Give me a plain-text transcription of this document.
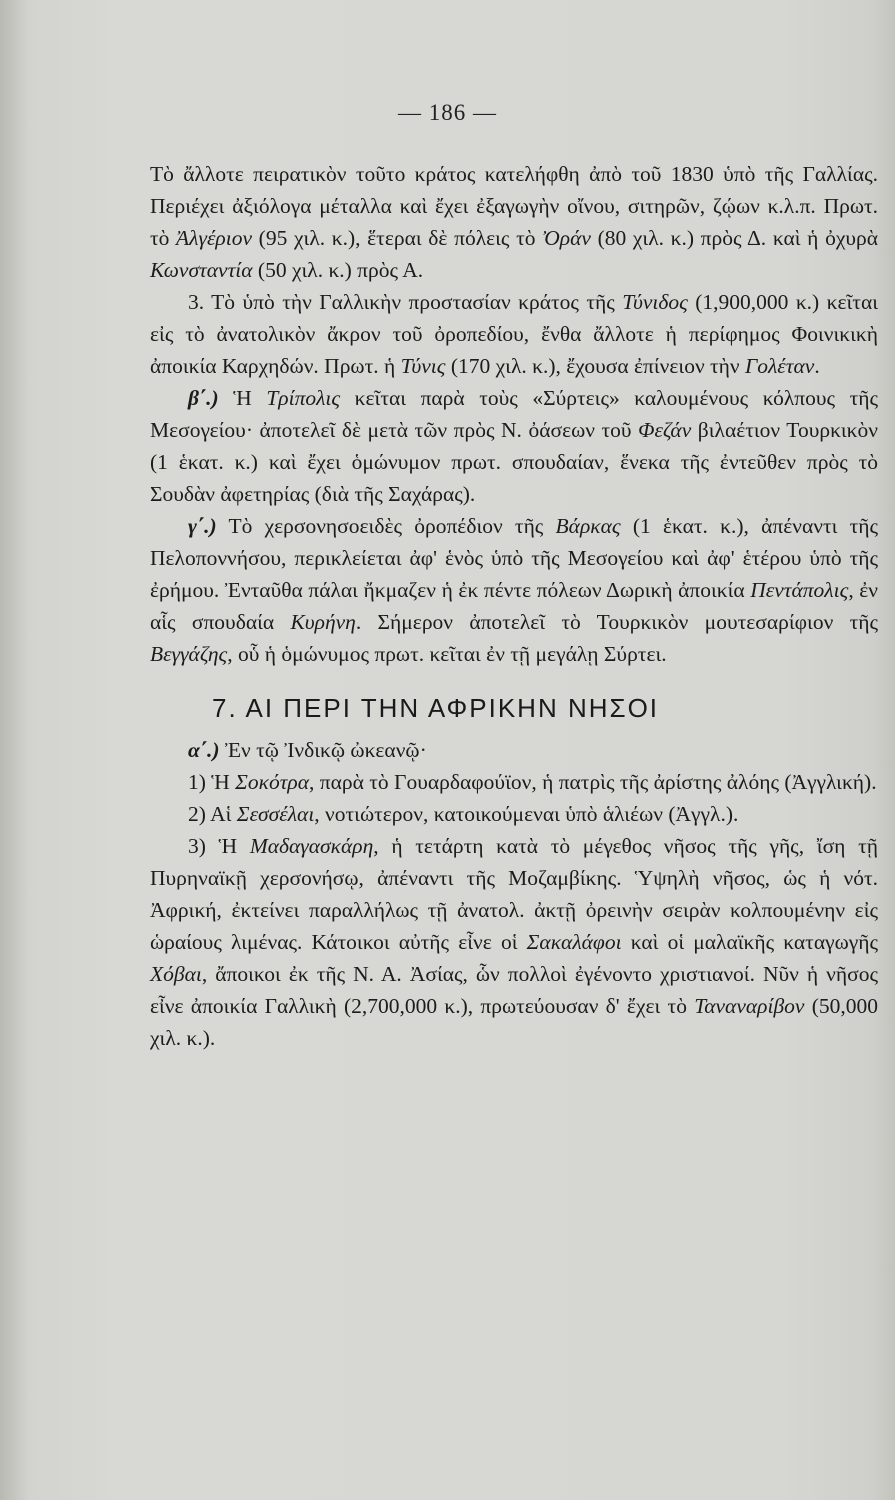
— 186 —

Τὸ ἄλλοτε πειρατικὸν τοῦτο κράτος κατελήφθη ἀπὸ τοῦ 1830 ὑπὸ τῆς Γαλλίας. Περιέχει ἀξιόλογα μέταλλα καὶ ἔχει ἐξαγωγὴν οἴνου, σιτηρῶν, ζῴων κ.λ.π. Πρωτ. τὸ Ἀλγέριον (95 χιλ. κ.), ἕτεραι δὲ πόλεις τὸ Ὀράν (80 χιλ. κ.) πρὸς Δ. καὶ ἡ ὀχυρὰ Κωνσταντία (50 χιλ. κ.) πρὸς Α.

3. Τὸ ὑπὸ τὴν Γαλλικὴν προστασίαν κράτος τῆς Τύνιδος (1,900,000 κ.) κεῖται εἰς τὸ ἀνατολικὸν ἄκρον τοῦ ὀροπεδίου, ἔνθα ἄλλοτε ἡ περίφημος Φοινικικὴ ἀποικία Καρχηδών. Πρωτ. ἡ Τύνις (170 χιλ. κ.), ἔχουσα ἐπίνειον τὴν Γολέταν.

β΄.) Ἡ Τρίπολις κεῖται παρὰ τοὺς «Σύρτεις» καλουμένους κόλπους τῆς Μεσογείου· ἀποτελεῖ δὲ μετὰ τῶν πρὸς Ν. ὀάσεων τοῦ Φεζάν βιλαέτιον Τουρκικὸν (1 ἑκατ. κ.) καὶ ἔχει ὁμώνυμον πρωτ. σπουδαίαν, ἕνεκα τῆς ἐντεῦθεν πρὸς τὸ Σουδὰν ἀφετηρίας (διὰ τῆς Σαχάρας).

γ΄.) Τὸ χερσονησοειδὲς ὀροπέδιον τῆς Βάρκας (1 ἑκατ. κ.), ἀπέναντι τῆς Πελοποννήσου, περικλείεται ἀφ' ἑνὸς ὑπὸ τῆς Μεσογείου καὶ ἀφ' ἑτέρου ὑπὸ τῆς ἐρήμου. Ἐνταῦθα πάλαι ἤκμαζεν ἡ ἐκ πέντε πόλεων Δωρικὴ ἀποικία Πεντάπολις, ἐν αἷς σπουδαία Κυρήνη. Σήμερον ἀποτελεῖ τὸ Τουρκικὸν μουτεσαρίφιον τῆς Βεγγάζης, οὗ ἡ ὁμώνυμος πρωτ. κεῖται ἐν τῇ μεγάλῃ Σύρτει.

7. ΑΙ ΠΕΡΙ ΤΗΝ ΑΦΡΙΚΗΝ ΝΗΣΟΙ

α΄.) Ἐν τῷ Ἰνδικῷ ὠκεανῷ·

1) Ἡ Σοκότρα, παρὰ τὸ Γουαρδαφούϊον, ἡ πατρὶς τῆς ἀρίστης ἀλόης (Ἀγγλική).

2) Αἱ Σεσσέλαι, νοτιώτερον, κατοικούμεναι ὑπὸ ἁλιέων (Ἀγγλ.).

3) Ἡ Μαδαγασκάρη, ἡ τετάρτη κατὰ τὸ μέγεθος νῆσος τῆς γῆς, ἴση τῇ Πυρηναϊκῇ χερσονήσῳ, ἀπέναντι τῆς Μοζαμβίκης. Ὑψηλὴ νῆσος, ὡς ἡ νότ. Ἀφρική, ἐκτείνει παραλλήλως τῇ ἀνατολ. ἀκτῇ ὀρεινὴν σειρὰν κολπουμένην εἰς ὡραίους λιμένας. Κάτοικοι αὐτῆς εἶνε οἱ Σακαλάφοι καὶ οἱ μαλαϊκῆς καταγωγῆς Χόβαι, ἄποικοι ἐκ τῆς Ν. Α. Ἀσίας, ὧν πολλοὶ ἐγένοντο χριστιανοί. Νῦν ἡ νῆσος εἶνε ἀποικία Γαλλικὴ (2,700,000 κ.), πρωτεύουσαν δ' ἔχει τὸ Ταναναρίβον (50,000 χιλ. κ.).
